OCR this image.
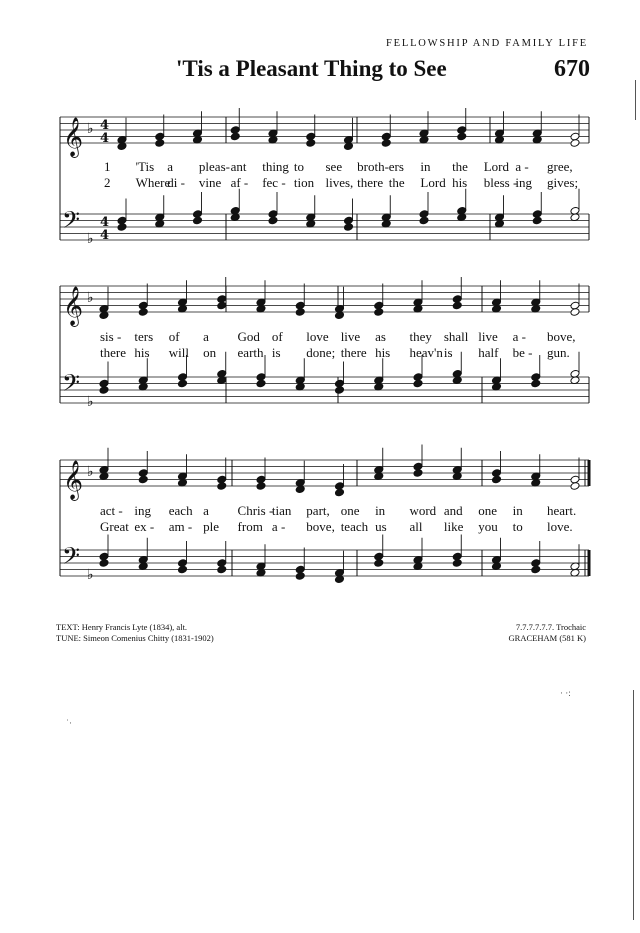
FELLOWSHIP AND FAMILY LIFE
'Tis a Pleasant Thing to See	670
𝄞
𝄢
♭
♭
4
4
4
4
𝄞
𝄢
♭
♭
𝄞
𝄢
♭
♭
1 'Tis a pleas- ant thing to see broth- ers in the Lord a - gree,
2 Where
di - vine af - fec - tion lives, there the Lord his bless -
ing gives;
sis - ters of a God of love live as they shall live a - bove,
there his will on earth is done; there his heav'n is half be - gun.
act - ing each a Chris -
tian part, one in word and one in heart.
Great ex - am - ple from a - bove, teach us all like you to love.
TEXT: Henry Francis Lyte (1834), alt.
TUNE: Simeon Comenius Chitty (1831-1902)
7.7.7.7.7.7. Trochaic
GRACEHAM (581 K)
˙·
· ·:
